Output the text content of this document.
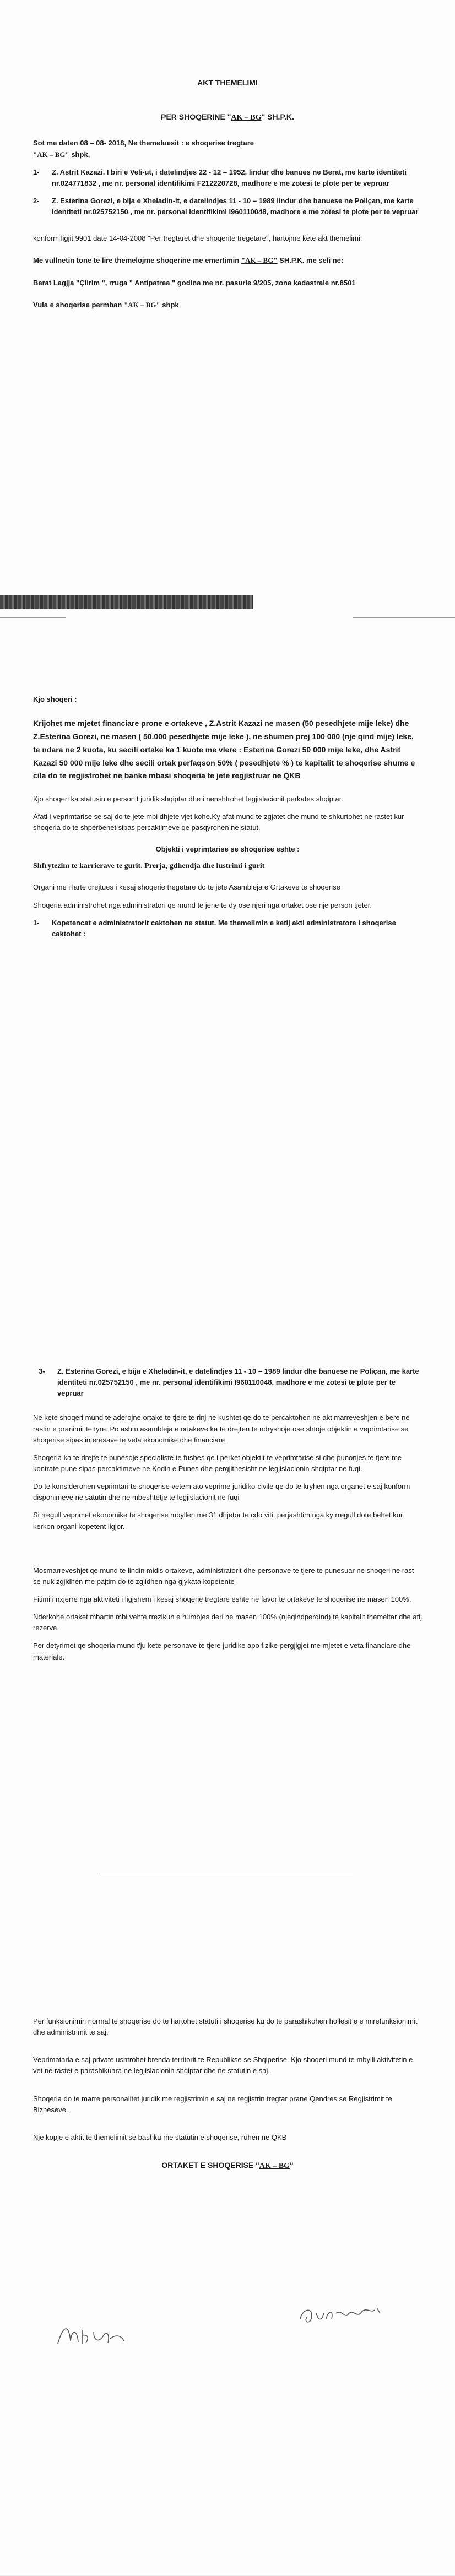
AKT THEMELIMI
PER SHOQERINE "AK – BG" SH.P.K.

Sot me daten 08 – 08- 2018, Ne themeluesit : e shoqerise tregtare
"AK – BG" shpk,

1-	Z. Astrit Kazazi, I biri e Veli-ut, i datelindjes 22 - 12 – 1952, lindur dhe banues ne Berat, me karte identiteti nr.024771832 , me nr. personal identifikimi F212220728, madhore e me zotesi te plote per te vepruar
2-	Z. Esterina Gorezi, e bija e Xheladin-it, e datelindjes 11 - 10 – 1989 lindur dhe banuese ne Poliçan, me karte identiteti nr.025752150 , me nr. personal identifikimi I960110048, madhore e me zotesi te plote per te vepruar

konform ligjit 9901 date 14-04-2008 "Per tregtaret dhe shoqerite tregetare", hartojme kete akt themelimi:

Me vullnetin tone te lire themelojme shoqerine me emertimin "AK – BG" SH.P.K. me seli ne:

Berat Lagjja "Çlirim ", rruga " Antipatrea " godina me nr. pasurie 9/205, zona kadastrale nr.8501

Vula e shoqerise permban "AK – BG" shpk

Kjo shoqeri :

Krijohet me mjetet financiare prone e ortakeve , Z.Astrit Kazazi ne masen (50 pesedhjete mije leke) dhe Z.Esterina Gorezi, ne masen ( 50.000 pesedhjete mije leke ), ne shumen prej 100 000 (nje qind mije) leke, te ndara ne 2 kuota, ku secili ortake ka 1 kuote me vlere : Esterina Gorezi 50 000 mije leke, dhe Astrit Kazazi 50 000 mije leke dhe secili ortak perfaqson 50% ( pesedhjete % ) te kapitalit te shoqerise shume e cila do te regjistrohet ne banke mbasi shoqeria te jete regjistruar ne QKB

Kjo shoqeri ka statusin e personit juridik shqiptar dhe i nenshtrohet legjislacionit perkates shqiptar.

Afati i veprimtarise se saj do te jete mbi dhjete vjet kohe.Ky afat mund te zgjatet dhe mund te shkurtohet ne rastet kur shoqeria do te shperbehet sipas percaktimeve qe pasqyrohen ne statut.

Objekti i veprimtarise se shoqerise eshte :

Shfrytezim te karrierave te gurit. Prerja, gdhendja dhe lustrimi i gurit

Organi me i larte drejtues i kesaj shoqerie tregetare do te jete Asambleja e Ortakeve te shoqerise

Shoqeria administrohet nga administratori qe mund te jene te dy ose njeri nga ortaket ose nje person tjeter.

1-	Kopetencat e administratorit caktohen ne statut. Me themelimin e ketij akti administratore i shoqerise caktohet :
3-	Z. Esterina Gorezi, e bija e Xheladin-it, e datelindjes 11 - 10 – 1989 lindur dhe banuese ne Poliçan, me karte identiteti nr.025752150 , me nr. personal identifikimi I960110048, madhore e me zotesi te plote per te vepruar

Ne kete shoqeri mund te aderojne ortake te tjere te rinj ne kushtet qe do te percaktohen ne akt marreveshjen e bere ne rastin e pranimit te tyre. Po ashtu asambleja e ortakeve ka te drejten te ndryshoje ose shtoje objektin e veprimtarise se shoqerise sipas interesave te veta ekonomike dhe financiare.

Shoqeria ka te drejte te punesoje specialiste te fushes qe i perket objektit te veprimtarise si dhe punonjes te tjere me kontrate pune sipas percaktimeve ne Kodin e Punes dhe pergjithesisht ne legjislacionin shqiptar ne fuqi.

Do te konsiderohen veprimtari te shoqerise vetem ato veprime juridiko-civile qe do te kryhen nga organet e saj konform disponimeve ne satutin dhe ne mbeshtetje te legjislacionit ne fuqi

Si rregull veprimet ekonomike te shoqerise mbyllen me 31 dhjetor te cdo viti, perjashtim nga ky rregull dote behet kur kerkon organi kopetent ligjor.

Mosmarreveshjet qe mund te lindin midis ortakeve, administratorit dhe personave te tjere te punesuar ne shoqeri ne rast se nuk zgjidhen me pajtim do te zgjidhen nga gjykata kopetente

Fitimi i nxjerre nga aktiviteti i ligjshem i kesaj shoqerie tregtare eshte ne favor te ortakeve te shoqerise ne masen 100%.

Nderkohe ortaket mbartin mbi vehte rrezikun e humbjes deri ne masen 100% (njeqindperqind) te kapitalit themeltar dhe atij rezerve.

Per detyrimet qe shoqeria mund t'ju kete personave te tjere juridike apo fizike pergjigjet me mjetet e veta financiare dhe materiale.

Per funksionimin normal te shoqerise do te hartohet statuti i shoqerise ku do te parashikohen hollesit e e mirefunksionimit dhe administrimit te saj.

Veprimataria e saj private ushtrohet brenda territorit te Republikse se Shqiperise. Kjo shoqeri mund te mbylli aktivitetin e vet ne rastet e parashikuara ne legjislacionin shqiptar dhe ne statutin e saj.

Shoqeria do te marre personalitet juridik me regjistrimin e saj ne regjistrin tregtar prane Qendres se Regjistrimit te Bizneseve.

Nje kopje e aktit te themelimit se bashku me statutin e shoqerise, ruhen ne QKB

ORTAKET E SHOQERISE "AK – BG"
